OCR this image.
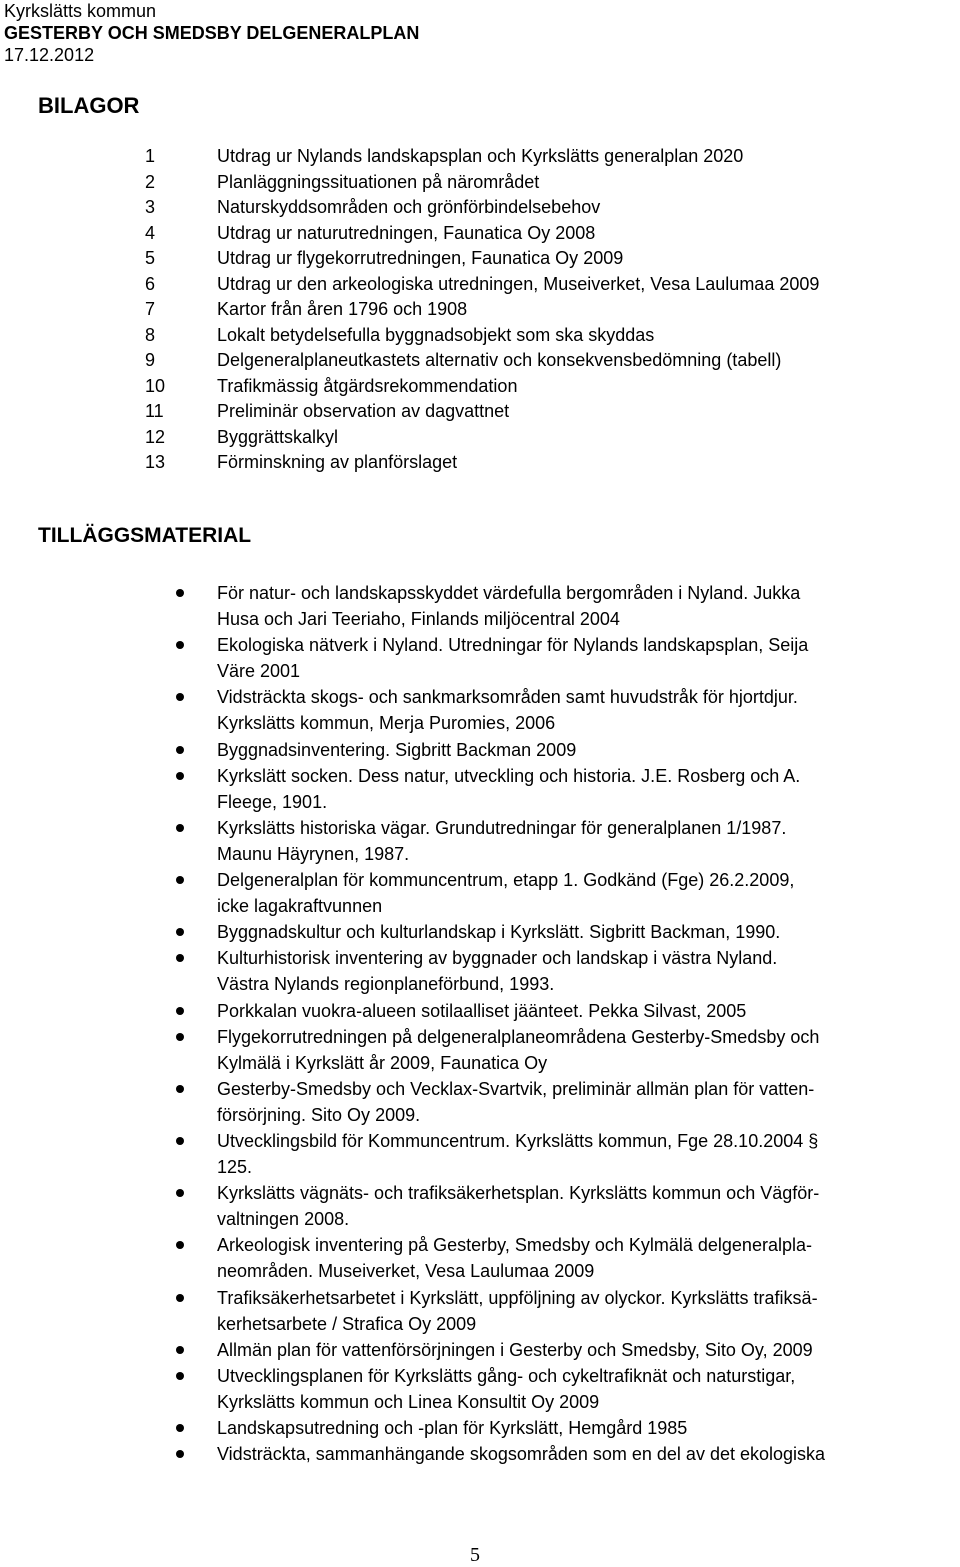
Kyrkslätts kommun
GESTERBY OCH SMEDSBY DELGENERALPLAN
17.12.2012
BILAGOR
1	Utdrag ur Nylands landskapsplan och Kyrkslätts generalplan 2020
2	Planläggningssituationen på närområdet
3	Naturskyddsområden och grönförbindelsebehov
4	Utdrag ur naturutredningen, Faunatica Oy 2008
5	Utdrag ur flygekorrutredningen, Faunatica Oy 2009
6	Utdrag ur den arkeologiska utredningen, Museiverket, Vesa Laulumaa 2009
7	Kartor från åren 1796 och 1908
8	Lokalt betydelsefulla byggnadsobjekt som ska skyddas
9	Delgeneralplaneutkastets alternativ och konsekvensbedömning (tabell)
10	Trafikmässig åtgärdsrekommendation
11	Preliminär observation av dagvattnet
12	Byggrättskalkyl
13	Förminskning av planförslaget
TILLÄGGSMATERIAL
För natur- och landskapsskyddet värdefulla bergområden i Nyland. Jukka
Husa och Jari Teeriaho, Finlands miljöcentral 2004
Ekologiska nätverk i Nyland. Utredningar för Nylands landskapsplan, Seija
Väre 2001
Vidsträckta skogs- och sankmarksområden samt huvudstråk för hjortdjur.
Kyrkslätts kommun, Merja Puromies, 2006
Byggnadsinventering. Sigbritt Backman 2009
Kyrkslätt socken. Dess natur, utveckling och historia. J.E. Rosberg och A.
Fleege, 1901.
Kyrkslätts historiska vägar. Grundutredningar för generalplanen 1/1987.
Maunu Häyrynen, 1987.
Delgeneralplan för kommuncentrum, etapp 1. Godkänd (Fge) 26.2.2009,
icke lagakraftvunnen
Byggnadskultur och kulturlandskap i Kyrkslätt. Sigbritt Backman, 1990.
Kulturhistorisk inventering av byggnader och landskap i västra Nyland.
Västra Nylands regionplaneförbund, 1993.
Porkkalan vuokra-alueen sotilaalliset jäänteet. Pekka Silvast, 2005
Flygekorrutredningen på delgeneralplaneområdena Gesterby-Smedsby och
Kylmälä i Kyrkslätt år 2009, Faunatica Oy
Gesterby-Smedsby och Vecklax-Svartvik, preliminär allmän plan för vatten-
försörjning. Sito Oy 2009.
Utvecklingsbild för Kommuncentrum. Kyrkslätts kommun, Fge 28.10.2004 §
125.
Kyrkslätts vägnäts- och trafiksäkerhetsplan. Kyrkslätts kommun och Vägför-
valtningen 2008.
Arkeologisk inventering på Gesterby, Smedsby och Kylmälä delgeneralpla-
neområden. Museiverket, Vesa Laulumaa 2009
Trafiksäkerhetsarbetet i Kyrkslätt, uppföljning av olyckor. Kyrkslätts trafiksä-
kerhetsarbete / Strafica Oy 2009
Allmän plan för vattenförsörjningen i Gesterby och Smedsby, Sito Oy, 2009
Utvecklingsplanen för Kyrkslätts gång- och cykeltrafiknät och naturstigar,
Kyrkslätts kommun och Linea Konsultit Oy 2009
Landskapsutredning och -plan för Kyrkslätt, Hemgård 1985
Vidsträckta, sammanhängande skogsområden som en del av det ekologiska
5
